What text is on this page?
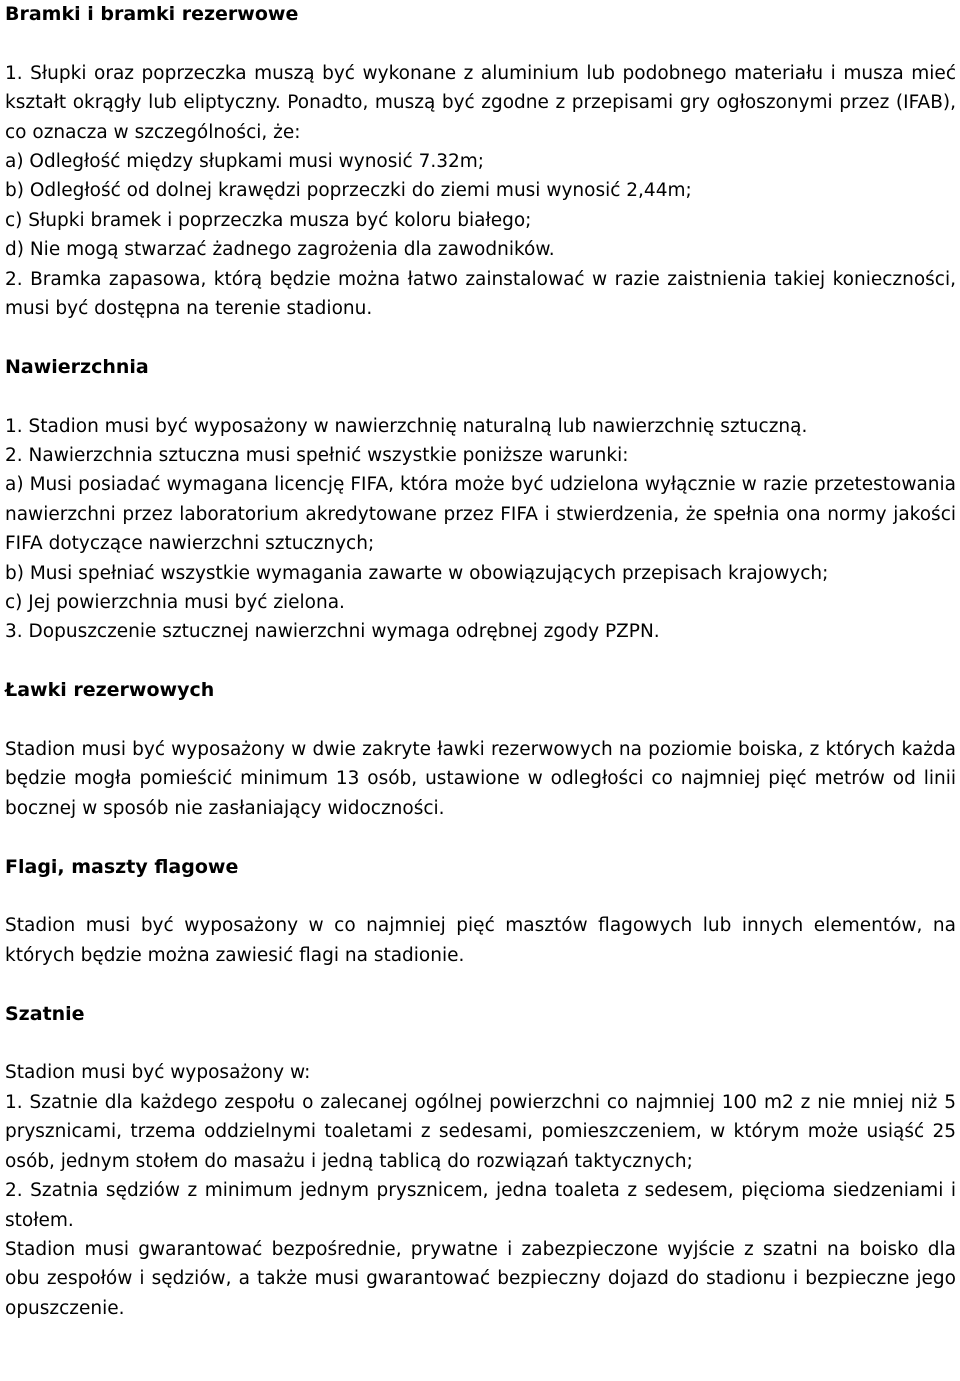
Bramki i bramki rezerwowe

1. Słupki oraz poprzeczka muszą być wykonane z aluminium lub podobnego materiału i musza mieć kształt okrągły lub eliptyczny. Ponadto, muszą być zgodne z przepisami gry ogłoszonymi przez (IFAB), co oznacza w szczególności, że:

a) Odległość między słupkami musi wynosić 7.32m;
b) Odległość od dolnej krawędzi poprzeczki do ziemi musi wynosić 2,44m;
c) Słupki bramek i poprzeczka musza być koloru białego;
d) Nie mogą stwarzać żadnego zagrożenia dla zawodników.

2. Bramka zapasowa, którą będzie można łatwo zainstalować w razie zaistnienia takiej konieczności, musi być dostępna na terenie stadionu.

Nawierzchnia
1. Stadion musi być wyposażony w nawierzchnię naturalną lub nawierzchnię sztuczną.
2. Nawierzchnia sztuczna musi spełnić wszystkie poniższe warunki:

a) Musi posiadać wymagana licencję FIFA, która może być udzielona wyłącznie w razie przetestowania nawierzchni przez laboratorium akredytowane przez FIFA i stwierdzenia, że spełnia ona normy jakości FIFA dotyczące nawierzchni sztucznych;

b) Musi spełniać wszystkie wymagania zawarte w obowiązujących przepisach krajowych;

c) Jej powierzchnia musi być zielona.
3. Dopuszczenie sztucznej nawierzchni wymaga odrębnej zgody PZPN.
Ławki rezerwowych

Stadion musi być wyposażony w dwie zakryte ławki rezerwowych na poziomie boiska, z których każda będzie mogła pomieścić minimum 13 osób, ustawione w odległości co najmniej pięć metrów od linii bocznej w sposób nie zasłaniający widoczności.

Flagi, maszty flagowe

Stadion musi być wyposażony w co najmniej pięć masztów flagowych lub innych elementów, na których będzie można zawiesić flagi na stadionie.

Szatnie
Stadion musi być wyposażony w:

1. Szatnie dla każdego zespołu o zalecanej ogólnej powierzchni co najmniej 100 m2 z nie mniej niż 5 prysznicami, trzema oddzielnymi toaletami z sedesami, pomieszczeniem, w którym może usiąść 25 osób, jednym stołem do masażu i jedną tablicą do rozwiązań taktycznych;

2. Szatnia sędziów z minimum jednym prysznicem, jedna toaleta z sedesem, pięcioma siedzeniami i stołem.

Stadion musi gwarantować bezpośrednie, prywatne i zabezpieczone wyjście z szatni na boisko dla obu zespołów i sędziów, a także musi gwarantować bezpieczny dojazd do stadionu i bezpieczne jego opuszczenie.
